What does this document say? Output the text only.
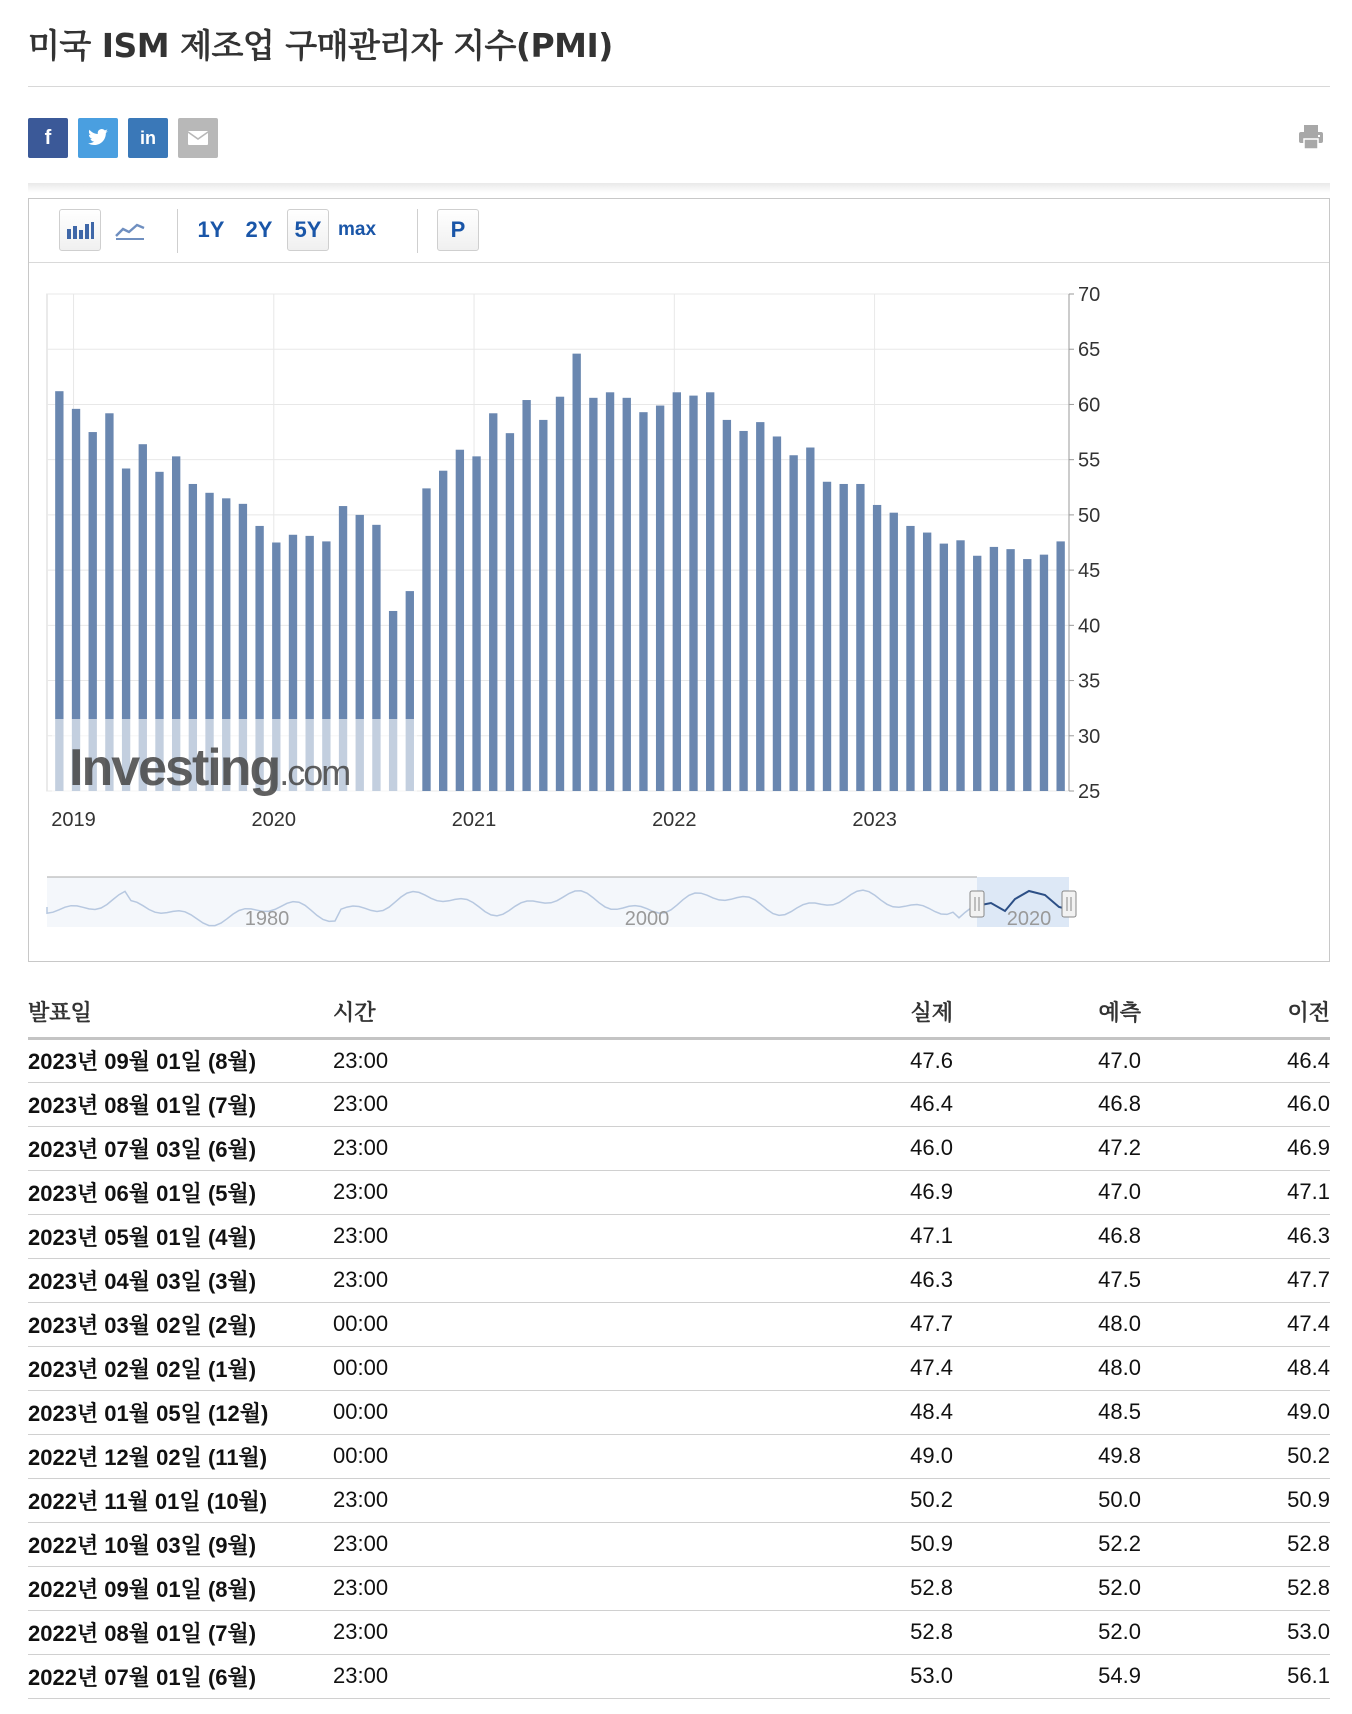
미국 ISM 제조업 구매관리자 지수(PMI)
f	in
1Y 2Y	5Y max	P
Investing.com
70
65
60
55
50
45
40
35
30
25
2019	2020	2021	2022	2023
1980	2000	2020
발표일	시간	실제	예측	이전
2023년 09월 01일 (8월)	23:00	47.6	47.0	46.4
2023년 08월 01일 (7월)	23:00	46.4	46.8	46.0
2023년 07월 03일 (6월)	23:00	46.0	47.2	46.9
2023년 06월 01일 (5월)	23:00	46.9	47.0	47.1
2023년 05월 01일 (4월)	23:00	47.1	46.8	46.3
2023년 04월 03일 (3월)	23:00	46.3	47.5	47.7
2023년 03월 02일 (2월)	00:00	47.7	48.0	47.4
2023년 02월 02일 (1월)	00:00	47.4	48.0	48.4
2023년 01월 05일 (12월)	00:00	48.4	48.5	49.0
2022년 12월 02일 (11월)	00:00	49.0	49.8	50.2
2022년 11월 01일 (10월)	23:00	50.2	50.0	50.9
2022년 10월 03일 (9월)	23:00	50.9	52.2	52.8
2022년 09월 01일 (8월)	23:00	52.8	52.0	52.8
2022년 08월 01일 (7월)	23:00	52.8	52.0	53.0
2022년 07월 01일 (6월)	23:00	53.0	54.9	56.1
